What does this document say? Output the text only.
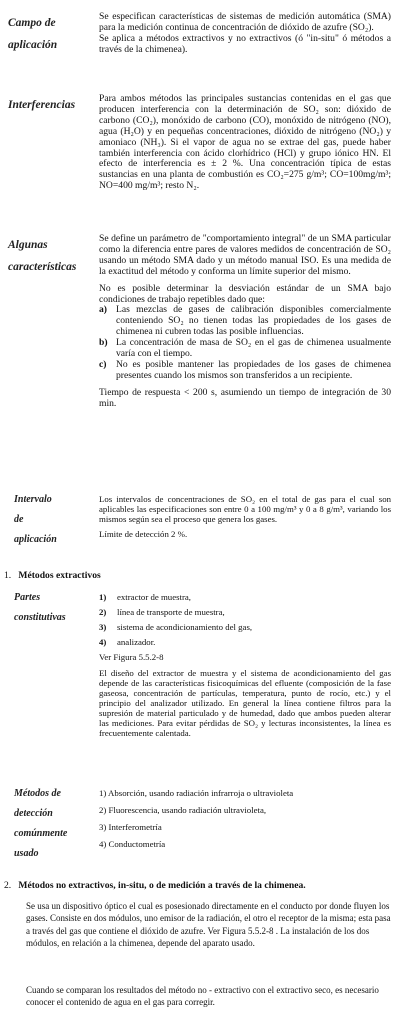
Campo de
aplicación

Se especifican características de sistemas de medición automática (SMA) para la medición continua de concentración de dióxido de azufre (SO₂).

Se aplica a métodos extractivos y no extractivos (ó "in-situ" ó métodos a través de la chimenea).

Interferencias

Para ambos métodos las principales sustancias contenidas en el gas que producen interferencia con la determinación de SO₂ son: dióxido de carbono (CO₂), monóxido de carbono (CO), monóxido de nitrógeno (NO), agua (H₂O) y en pequeñas concentraciones, dióxido de nitrógeno (NO₂) y amoniaco (NH₃). Si el vapor de agua no se extrae del gas, puede haber también interferencia con ácido clorhídrico (HCl) y grupo iónico HN. El efecto de interferencia es ± 2 %. Una concentración típica de estas sustancias en una planta de combustión es CO₂=275 g/m³; CO=100mg/m³; NO=400 mg/m³; resto N₂.

Algunas
características

Se define un parámetro de "comportamiento integral" de un SMA particular como la diferencia entre pares de valores medidos de concentración de SO₂ usando un método SMA dado y un método manual ISO. Es una medida de la exactitud del método y conforma un límite superior del mismo.

No es posible determinar la desviación estándar de un SMA bajo condiciones de trabajo repetibles dado que:

a) Las mezclas de gases de calibración disponibles comercialmente conteniendo SO₂ no tienen todas las propiedades de los gases de chimenea ni cubren todas las posible influencias.
b) La concentración de masa de SO₂ en el gas de chimenea usualmente varía con el tiempo.
c) No es posible mantener las propiedades de los gases de chimenea presentes cuando los mismos son transferidos a un recipiente.

Tiempo de respuesta < 200 s, asumiendo un tiempo de integración de 30 min.

Intervalo
de
aplicación

Los intervalos de concentraciones de SO₂ en el total de gas para el cual son aplicables las especificaciones son entre 0 a 100 mg/m³ y 0 a 8 g/m³, variando los mismos según sea el proceso que genera los gases.

Límite de detección 2 %.

1. Métodos extractivos
Partes
constitutivas
1) extractor de muestra,
2) línea de transporte de muestra,
3) sistema de acondicionamiento del gas,
4) analizador.

Ver Figura 5.5.2-8

El diseño del extractor de muestra y el sistema de acondicionamiento del gas depende de las características fisicoquímicas del efluente (composición de la fase gaseosa, concentración de partículas, temperatura, punto de rocío, etc.) y el principio del analizador utilizado. En general la línea contiene filtros para la supresión de material particulado y de humedad, dado que ambos pueden alterar las mediciones. Para evitar pérdidas de SO₂ y lecturas inconsistentes, la línea es frecuentemente calentada.

Métodos de
detección
comúnmente
usado

1) Absorción, usando radiación infrarroja o ultravioleta

2) Fluorescencia, usando radiación ultravioleta,

3) Interferometría

4) Conductometría

2. Métodos no extractivos, in-situ, o de medición a través de la chimenea.
Se usa un dispositivo óptico el cual es posesionado directamente en el conducto por donde fluyen los gases. Consiste en dos módulos, uno emisor de la radiación, el otro el receptor de la misma; esta pasa a través del gas que contiene el dióxido de azufre. Ver Figura 5.5.2-8 . La instalación de los dos módulos, en relación a la chimenea, depende del aparato usado.
Cuando se comparan los resultados del método no - extractivo con el extractivo seco, es necesario conocer el contenido de agua en el gas para corregir.
